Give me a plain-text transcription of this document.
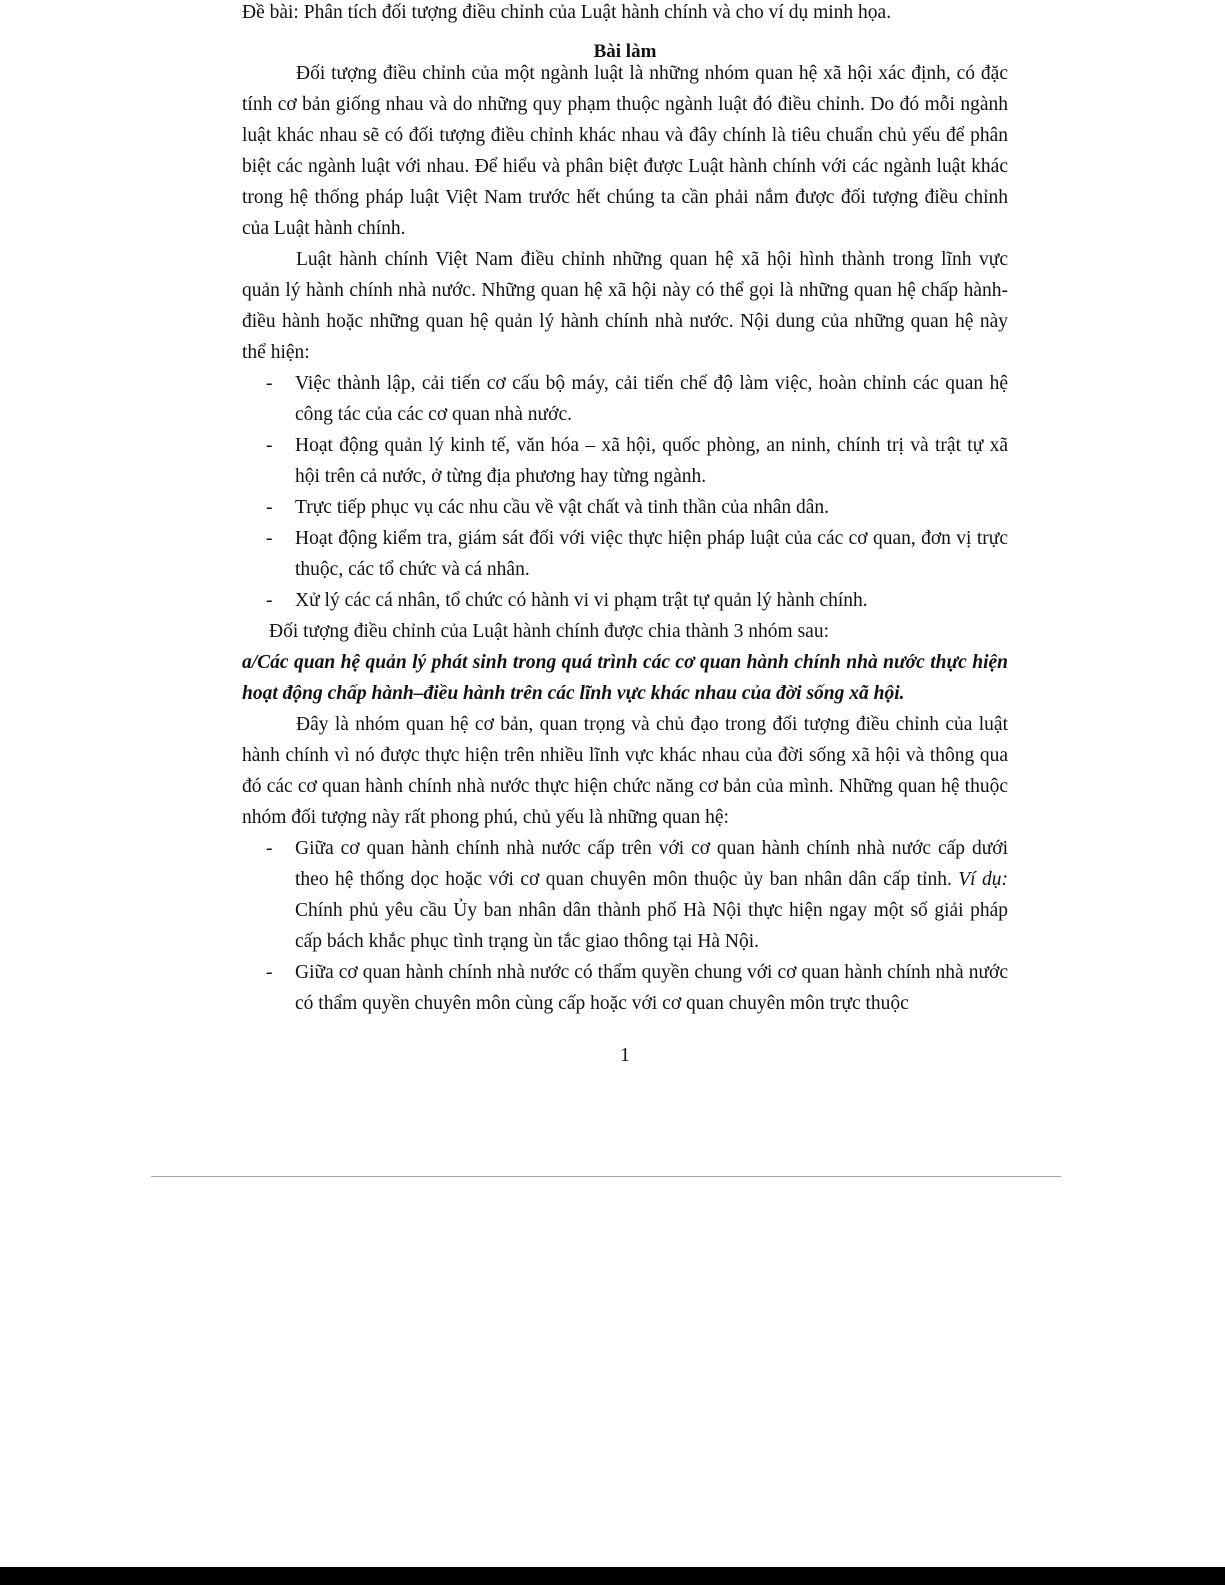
Đề bài: Phân tích đối tượng điều chỉnh của Luật hành chính và cho ví dụ minh họa.
Bài làm

Đối tượng điều chỉnh của một ngành luật là những nhóm quan hệ xã hội xác định, có đặc tính cơ bản giống nhau và do những quy phạm thuộc ngành luật đó điều chỉnh. Do đó mỗi ngành luật khác nhau sẽ có đối tượng điều chỉnh khác nhau và đây chính là tiêu chuẩn chủ yếu để phân biệt các ngành luật với nhau. Để hiểu và phân biệt được Luật hành chính với các ngành luật khác trong hệ thống pháp luật Việt Nam trước hết chúng ta cần phải nắm được đối tượng điều chỉnh của Luật hành chính.

Luật hành chính Việt Nam điều chỉnh những quan hệ xã hội hình thành trong lĩnh vực quản lý hành chính nhà nước. Những quan hệ xã hội này có thể gọi là những quan hệ chấp hành-điều hành hoặc những quan hệ quản lý hành chính nhà nước. Nội dung của những quan hệ này thể hiện:

- Việc thành lập, cải tiến cơ cấu bộ máy, cải tiến chế độ làm việc, hoàn chỉnh các quan hệ công tác của các cơ quan nhà nước.

- Hoạt động quản lý kinh tế, văn hóa – xã hội, quốc phòng, an ninh, chính trị và trật tự xã hội trên cả nước, ở từng địa phương hay từng ngành.

- Trực tiếp phục vụ các nhu cầu về vật chất và tinh thần của nhân dân.

- Hoạt động kiểm tra, giám sát đối với việc thực hiện pháp luật của các cơ quan, đơn vị trực thuộc, các tổ chức và cá nhân.

- Xử lý các cá nhân, tổ chức có hành vi vi phạm trật tự quản lý hành chính.

Đối tượng điều chỉnh của Luật hành chính được chia thành 3 nhóm sau:

a/Các quan hệ quản lý phát sinh trong quá trình các cơ quan hành chính nhà nước thực hiện hoạt động chấp hành–điều hành trên các lĩnh vực khác nhau của đời sống xã hội.

Đây là nhóm quan hệ cơ bản, quan trọng và chủ đạo trong đối tượng điều chỉnh của luật hành chính vì nó được thực hiện trên nhiều lĩnh vực khác nhau của đời sống xã hội và thông qua đó các cơ quan hành chính nhà nước thực hiện chức năng cơ bản của mình. Những quan hệ thuộc nhóm đối tượng này rất phong phú, chủ yếu là những quan hệ:

- Giữa cơ quan hành chính nhà nước cấp trên với cơ quan hành chính nhà nước cấp dưới theo hệ thống dọc hoặc với cơ quan chuyên môn thuộc ủy ban nhân dân cấp tỉnh. Ví dụ: Chính phủ yêu cầu Ủy ban nhân dân thành phố Hà Nội thực hiện ngay một số giải pháp cấp bách khắc phục tình trạng ùn tắc giao thông tại Hà Nội.

- Giữa cơ quan hành chính nhà nước có thẩm quyền chung với cơ quan hành chính nhà nước có thẩm quyền chuyên môn cùng cấp hoặc với cơ quan chuyên môn trực thuộc

1
